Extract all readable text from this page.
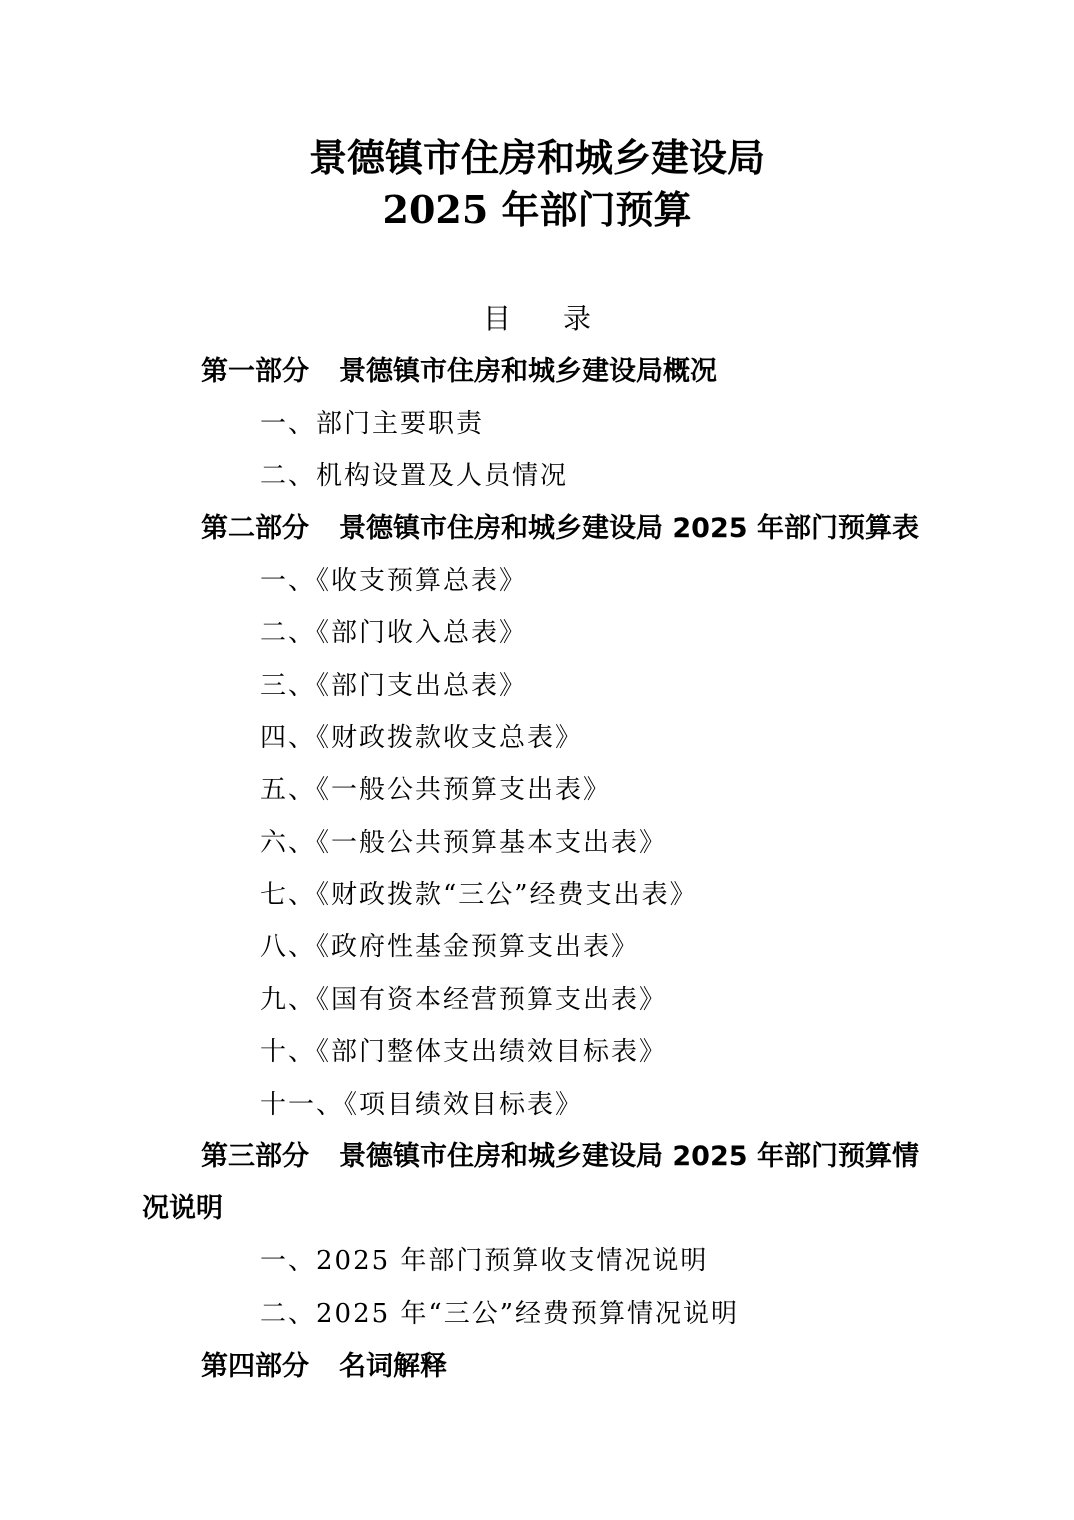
景德镇市住房和城乡建设局
2025 年部门预算
目录
第一部分 景德镇市住房和城乡建设局概况
一、部门主要职责
二、机构设置及人员情况
第二部分 景德镇市住房和城乡建设局 2025 年部门预算表
一、《收支预算总表》
二、《部门收入总表》
三、《部门支出总表》
四、《财政拨款收支总表》
五、《一般公共预算支出表》
六、《一般公共预算基本支出表》
七、《财政拨款“三公”经费支出表》
八、《政府性基金预算支出表》
九、《国有资本经营预算支出表》
十、《部门整体支出绩效目标表》
十一、《项目绩效目标表》
第三部分 景德镇市住房和城乡建设局 2025 年部门预算情
况说明
一、2025 年部门预算收支情况说明
二、2025 年“三公”经费预算情况说明
第四部分 名词解释
